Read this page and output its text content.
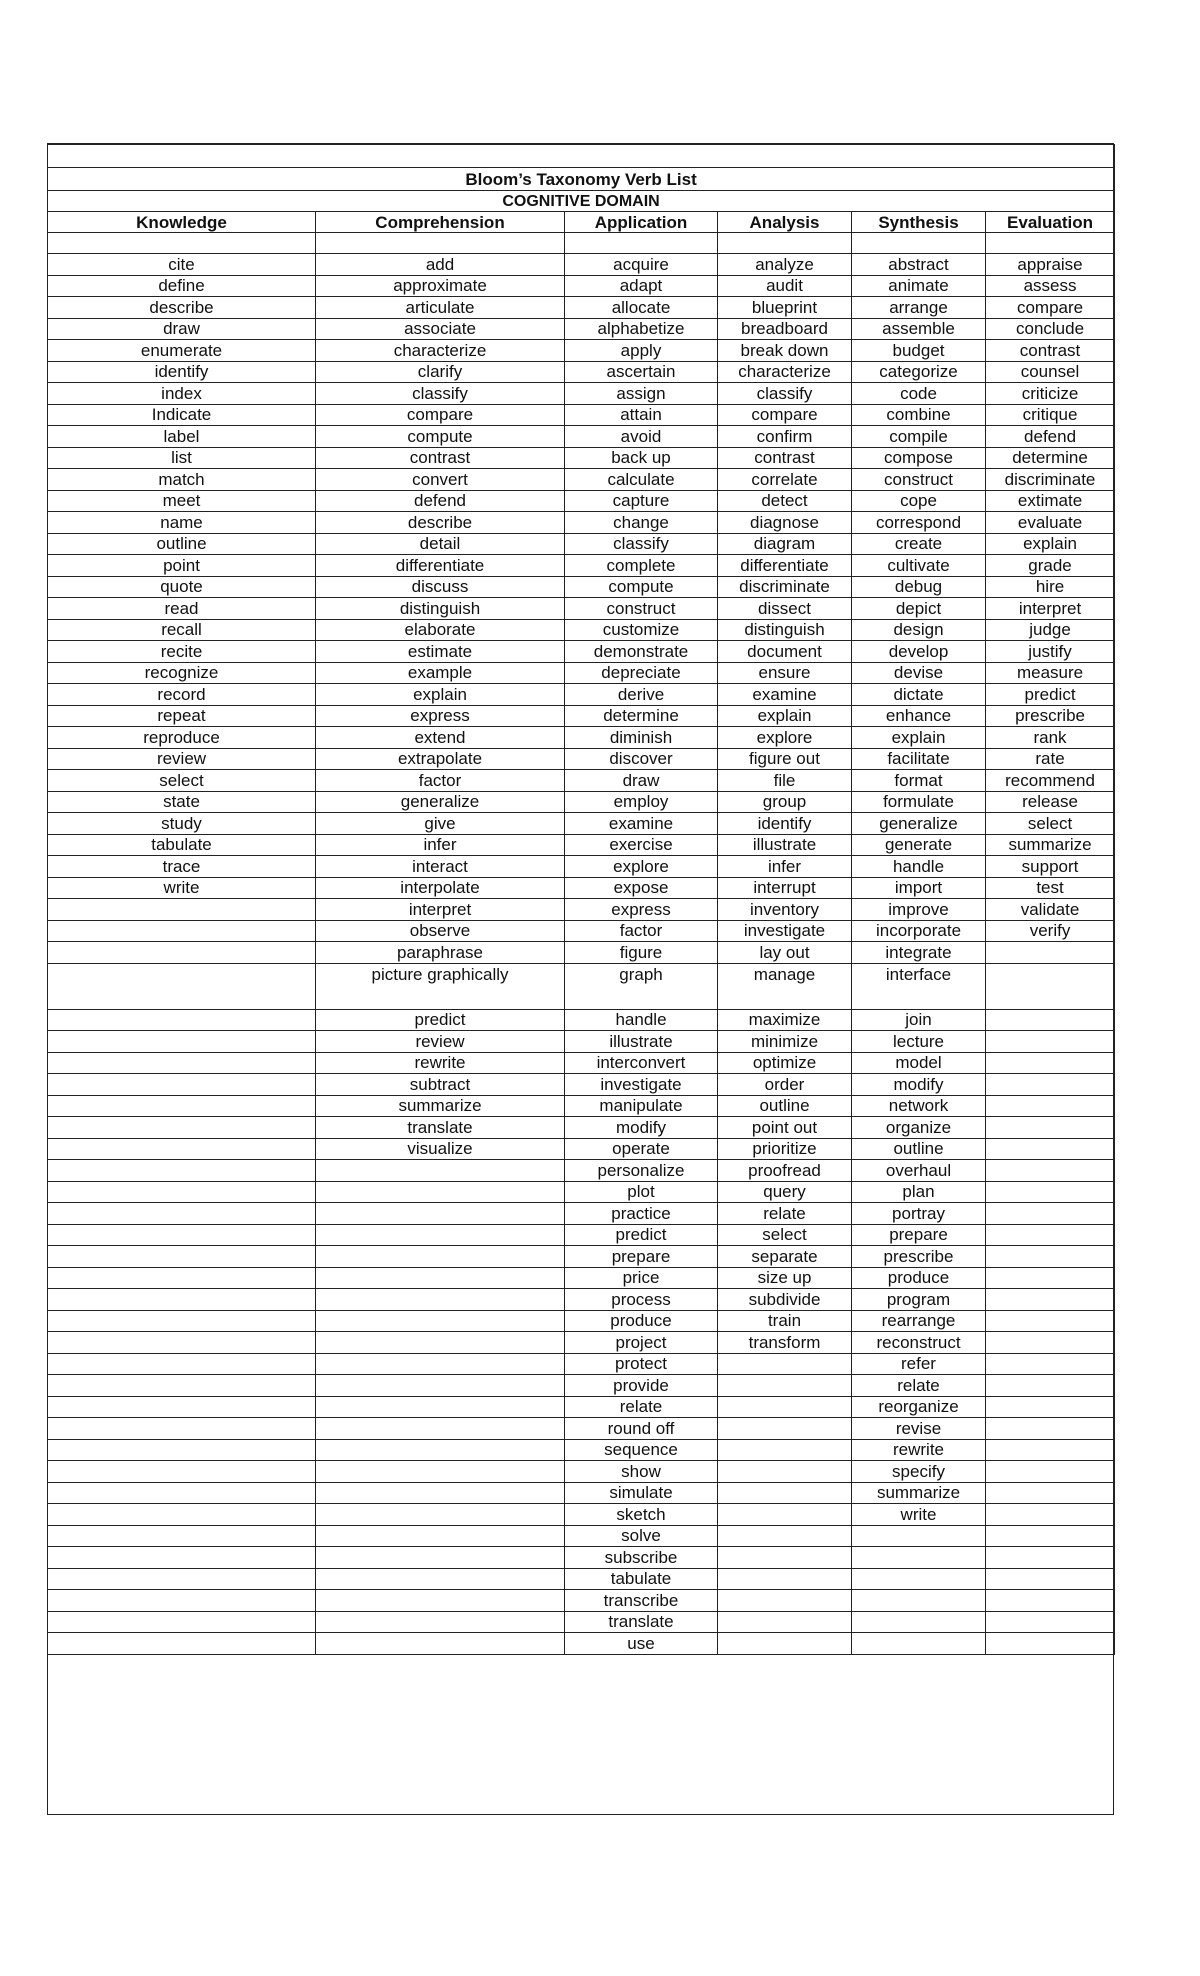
Bloom’s Taxonomy Verb List					
COGNITIVE DOMAIN					
Knowledge	Comprehension	Application	Analysis	Synthesis	Evaluation

cite	add	acquire	analyze	abstract	appraise
define	approximate	adapt	audit	animate	assess
describe	articulate	allocate	blueprint	arrange	compare
draw	associate	alphabetize	breadboard	assemble	conclude
enumerate	characterize	apply	break down	budget	contrast
identify	clarify	ascertain	characterize	categorize	counsel
index	classify	assign	classify	code	criticize
Indicate	compare	attain	compare	combine	critique
label	compute	avoid	confirm	compile	defend
list	contrast	back up	contrast	compose	determine
match	convert	calculate	correlate	construct	discriminate
meet	defend	capture	detect	cope	extimate
name	describe	change	diagnose	correspond	evaluate
outline	detail	classify	diagram	create	explain
point	differentiate	complete	differentiate	cultivate	grade
quote	discuss	compute	discriminate	debug	hire
read	distinguish	construct	dissect	depict	interpret
recall	elaborate	customize	distinguish	design	judge
recite	estimate	demonstrate	document	develop	justify
recognize	example	depreciate	ensure	devise	measure
record	explain	derive	examine	dictate	predict
repeat	express	determine	explain	enhance	prescribe
reproduce	extend	diminish	explore	explain	rank
review	extrapolate	discover	figure out	facilitate	rate
select	factor	draw	file	format	recommend
state	generalize	employ	group	formulate	release
study	give	examine	identify	generalize	select
tabulate	infer	exercise	illustrate	generate	summarize
trace	interact	explore	infer	handle	support
write	interpolate	expose	interrupt	import	test
	interpret	express	inventory	improve	validate
	observe	factor	investigate	incorporate	verify
	paraphrase	figure	lay out	integrate	
	picture graphically	graph	manage	interface	
	predict	handle	maximize	join	
	review	illustrate	minimize	lecture	
	rewrite	interconvert	optimize	model	
	subtract	investigate	order	modify	
	summarize	manipulate	outline	network	
	translate	modify	point out	organize	
	visualize	operate	prioritize	outline	
		personalize	proofread	overhaul	
		plot	query	plan	
		practice	relate	portray	
		predict	select	prepare	
		prepare	separate	prescribe	
		price	size up	produce	
		process	subdivide	program	
		produce	train	rearrange	
		project	transform	reconstruct	
		protect		refer	
		provide		relate	
		relate		reorganize	
		round off		revise	
		sequence		rewrite	
		show		specify	
		simulate		summarize	
		sketch		write	
		solve			
		subscribe			
		tabulate			
		transcribe			
		translate			
		use			
